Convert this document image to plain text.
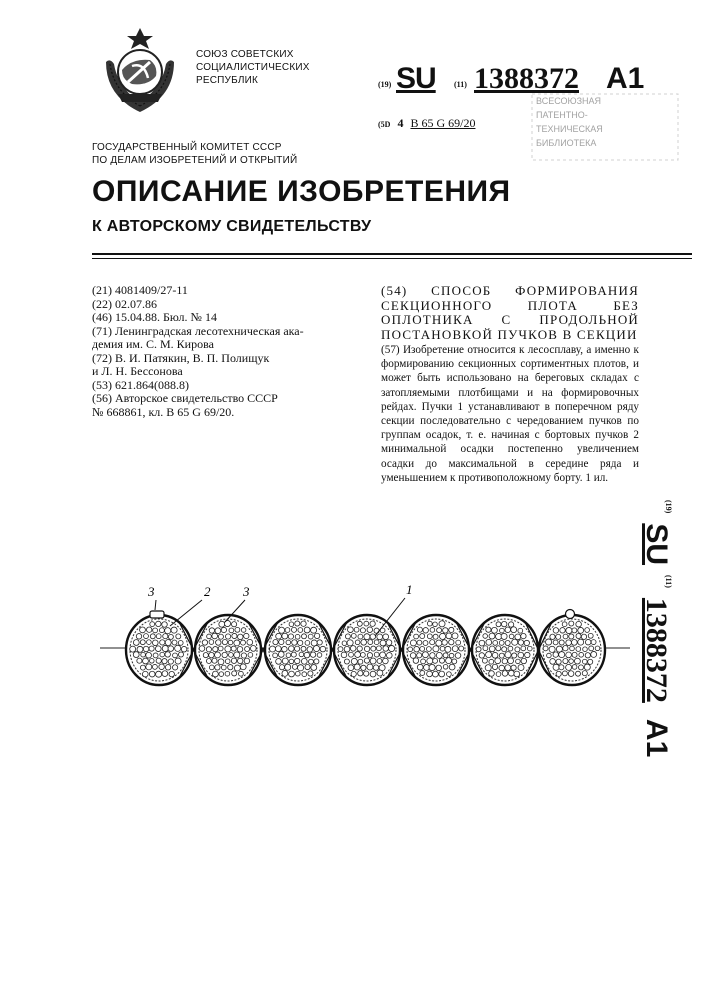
СОЮЗ СОВЕТСКИХ
СОЦИАЛИСТИЧЕСКИХ
РЕСПУБЛИК	(19) SU (11) 1388372 A1
ВСЕСОЮЗНАЯ
ПАТЕНТНО-
ТЕХНИЧЕСКАЯ
БИБЛИОТЕКА
(5D 4 В 65 G 69/20
ГОСУДАРСТВЕННЫЙ КОМИТЕТ СССР
ПО ДЕЛАМ ИЗОБРЕТЕНИЙ И ОТКРЫТИЙ
ОПИСАНИЕ ИЗОБРЕТЕНИЯ
К АВТОРСКОМУ СВИДЕТЕЛЬСТВУ
(21) 4081409/27-11
(22) 02.07.86
(46) 15.04.88. Бюл. № 14
(71) Ленинградская лесотехническая ака-
демия им. С. М. Кирова
(72) В. И. Патякин, В. П. Полищук
и Л. Н. Бессонова
(53) 621.864(088.8)
(56) Авторское свидетельство СССР
№ 668861, кл. В 65 G 69/20.
(54) СПОСОБ ФОРМИРОВАНИЯ СЕКЦИОННОГО ПЛОТА БЕЗ ОПЛОТНИКА С ПРОДОЛЬНОЙ ПОСТАНОВКОЙ ПУЧКОВ В СЕКЦИИ
(57) Изобретение относится к лесосплаву, а именно к формированию секционных сортиментных плотов, и может быть использовано на береговых складах с затопляемыми плотбищами и на формировочных рейдах. Пучки 1 устанавливают в поперечном ряду секции последовательно с чередованием пучков по группам осадок, т. е. начиная с бортовых пучков 2 минимальной осадки постепенно увеличением осадки до максимальной в середине ряда и уменьшением к противоположному борту. 1 ил.
$^{(19)}$ SU $^{(11)}$ 1388372 A1
3	2	3	1
